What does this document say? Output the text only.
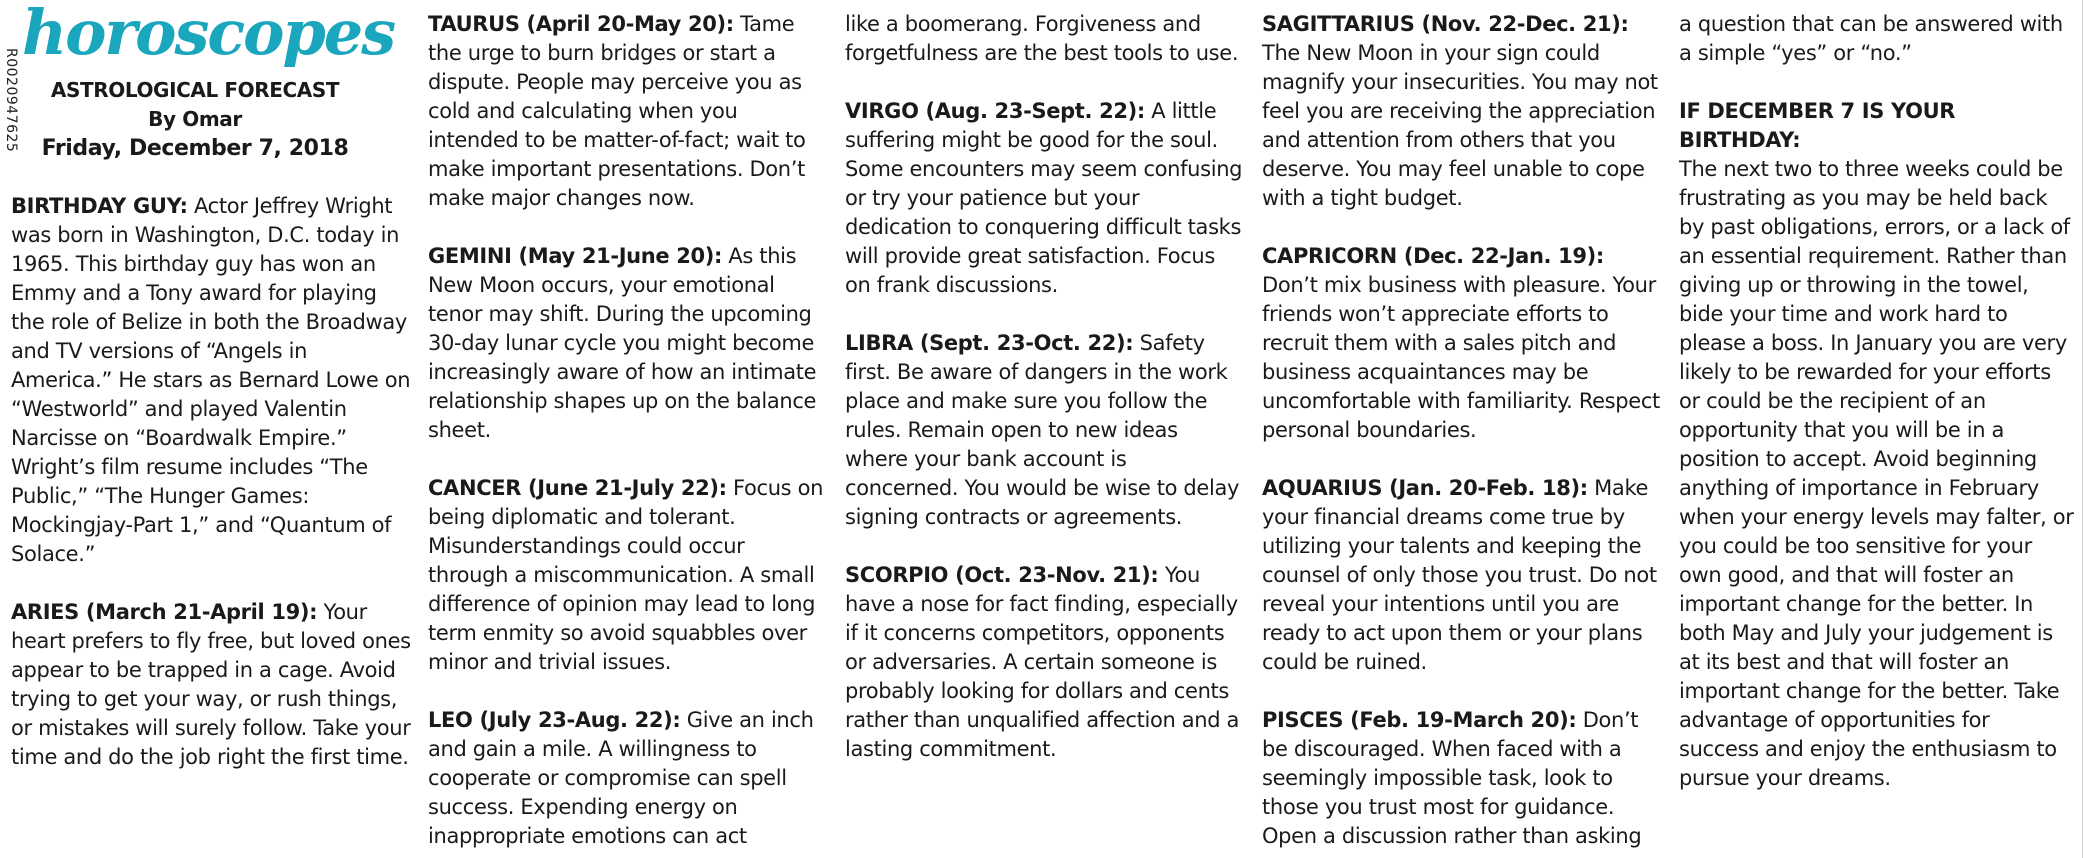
R0020947625
horoscopes
ASTROLOGICAL FORECAST
By Omar
Friday, December 7, 2018

BIRTHDAY GUY: Actor Jeffrey Wright was born in Washington, D.C. today in 1965. This birthday guy has won an Emmy and a Tony award for playing the role of Belize in both the Broadway and TV versions of “Angels in America.” He stars as Bernard Lowe on “Westworld” and played Valentin Narcisse on “Boardwalk Empire.” Wright’s film resume includes “The Public,” “The Hunger Games: Mockingjay-Part 1,” and “Quantum of Solace.”

ARIES (March 21-April 19): Your heart prefers to fly free, but loved ones appear to be trapped in a cage. Avoid trying to get your way, or rush things, or mistakes will surely follow. Take your time and do the job right the first time.

TAURUS (April 20-May 20): Tame the urge to burn bridges or start a dispute. People may perceive you as cold and calculating when you intended to be matter-of-fact; wait to make important presentations. Don’t make major changes now.

GEMINI (May 21-June 20): As this New Moon occurs, your emotional tenor may shift. During the upcoming 30-day lunar cycle you might become increasingly aware of how an intimate relationship shapes up on the balance sheet.

CANCER (June 21-July 22): Focus on being diplomatic and tolerant. Misunderstandings could occur through a miscommunication. A small difference of opinion may lead to long term enmity so avoid squabbles over minor and trivial issues.

LEO (July 23-Aug. 22): Give an inch and gain a mile. A willingness to cooperate or compromise can spell success. Expending energy on inappropriate emotions can act

like a boomerang. Forgiveness and forgetfulness are the best tools to use.

VIRGO (Aug. 23-Sept. 22): A little suffering might be good for the soul. Some encounters may seem confusing or try your patience but your dedication to conquering difficult tasks will provide great satisfaction. Focus on frank discussions.

LIBRA (Sept. 23-Oct. 22): Safety first. Be aware of dangers in the work place and make sure you follow the rules. Remain open to new ideas where your bank account is concerned. You would be wise to delay signing contracts or agreements.

SCORPIO (Oct. 23-Nov. 21): You have a nose for fact finding, especially if it concerns competitors, opponents or adversaries. A certain someone is probably looking for dollars and cents rather than unqualified affection and a lasting commitment.

SAGITTARIUS (Nov. 22-Dec. 21): The New Moon in your sign could magnify your insecurities. You may not feel you are receiving the appreciation and attention from others that you deserve. You may feel unable to cope with a tight budget.

CAPRICORN (Dec. 22-Jan. 19): Don’t mix business with pleasure. Your friends won’t appreciate efforts to recruit them with a sales pitch and business acquaintances may be uncomfortable with familiarity. Respect personal boundaries.

AQUARIUS (Jan. 20-Feb. 18): Make your financial dreams come true by utilizing your talents and keeping the counsel of only those you trust. Do not reveal your intentions until you are ready to act upon them or your plans could be ruined.

PISCES (Feb. 19-March 20): Don’t be discouraged. When faced with a seemingly impossible task, look to those you trust most for guidance. Open a discussion rather than asking

a question that can be answered with a simple “yes” or “no.”

IF DECEMBER 7 IS YOUR BIRTHDAY:
The next two to three weeks could be frustrating as you may be held back by past obligations, errors, or a lack of an essential requirement. Rather than giving up or throwing in the towel, bide your time and work hard to please a boss. In January you are very likely to be rewarded for your efforts or could be the recipient of an opportunity that you will be in a position to accept. Avoid beginning anything of importance in February when your energy levels may falter, or you could be too sensitive for your own good, and that will foster an important change for the better. In both May and July your judgement is at its best and that will foster an important change for the better. Take advantage of opportunities for success and enjoy the enthusiasm to pursue your dreams.
